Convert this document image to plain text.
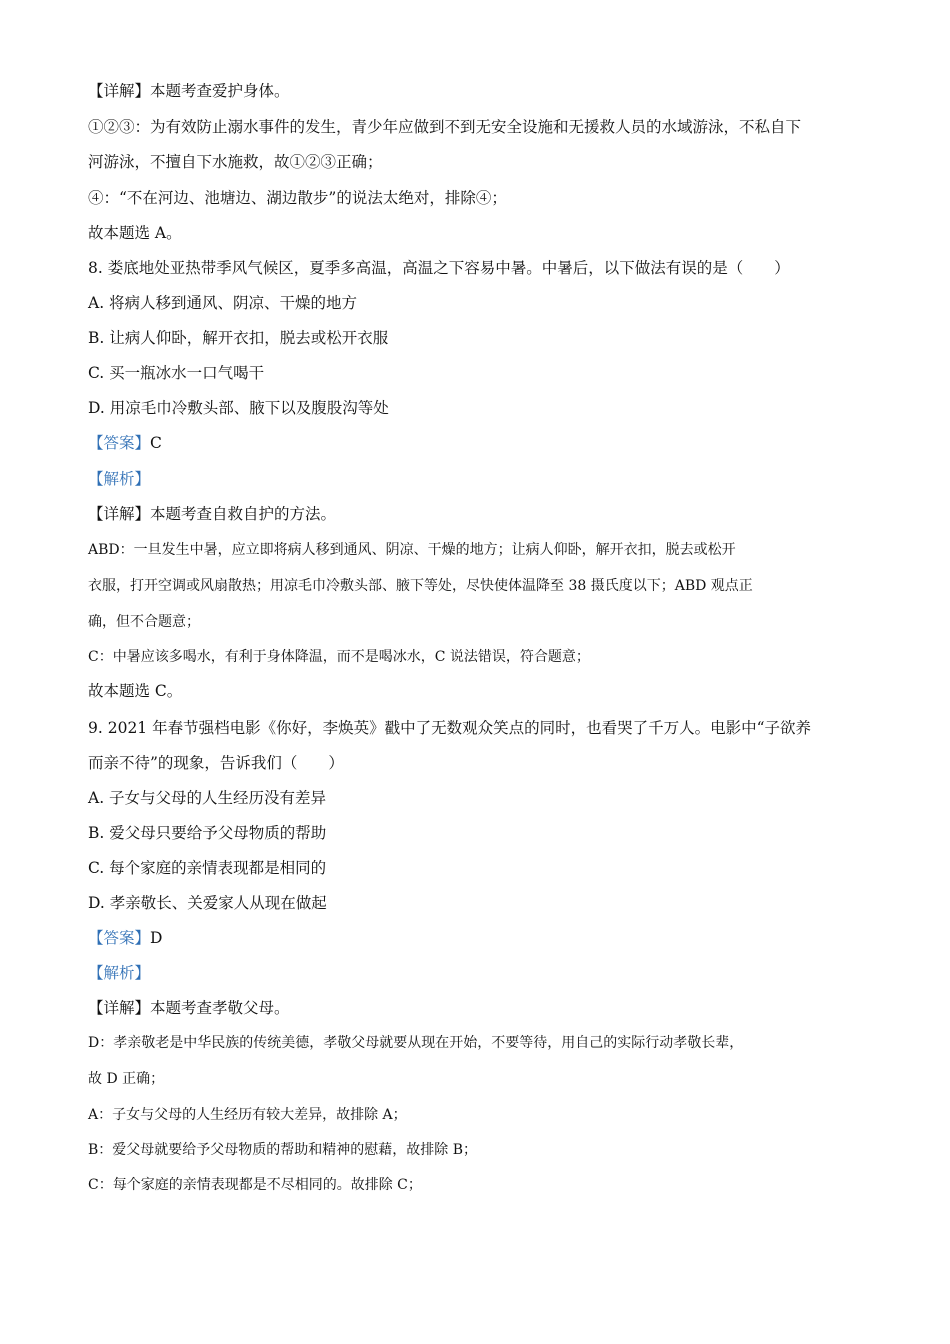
【详解】本题考查爱护身体。
①②③：为有效防止溺水事件的发生，青少年应做到不到无安全设施和无援救人员的水域游泳，不私自下
河游泳，不擅自下水施救，故①②③正确；
④：“不在河边、池塘边、湖边散步”的说法太绝对，排除④；
故本题选 A。
8. 娄底地处亚热带季风气候区，夏季多高温，高温之下容易中暑。中暑后，以下做法有误的是（　　）
A. 将病人移到通风、阴凉、干燥的地方
B. 让病人仰卧，解开衣扣，脱去或松开衣服
C. 买一瓶冰水一口气喝干
D. 用凉毛巾冷敷头部、腋下以及腹股沟等处
【答案】C
【解析】
【详解】本题考查自救自护的方法。
ABD：一旦发生中暑，应立即将病人移到通风、阴凉、干燥的地方；让病人仰卧，解开衣扣，脱去或松开
衣服，打开空调或风扇散热；用凉毛巾冷敷头部、腋下等处，尽快使体温降至 38 摄氏度以下；ABD 观点正
确，但不合题意；
C：中暑应该多喝水，有利于身体降温，而不是喝冰水，C 说法错误，符合题意；
故本题选 C。
9. 2021 年春节强档电影《你好，李焕英》戳中了无数观众笑点的同时，也看哭了千万人。电影中“子欲养
而亲不待”的现象，告诉我们（　　）
A. 子女与父母的人生经历没有差异
B. 爱父母只要给予父母物质的帮助
C. 每个家庭的亲情表现都是相同的
D. 孝亲敬长、关爱家人从现在做起
【答案】D
【解析】
【详解】本题考查孝敬父母。
D：孝亲敬老是中华民族的传统美德，孝敬父母就要从现在开始，不要等待，用自己的实际行动孝敬长辈，
故 D 正确；
A：子女与父母的人生经历有较大差异，故排除 A；
B：爱父母就要给予父母物质的帮助和精神的慰藉，故排除 B；
C：每个家庭的亲情表现都是不尽相同的。故排除 C；
